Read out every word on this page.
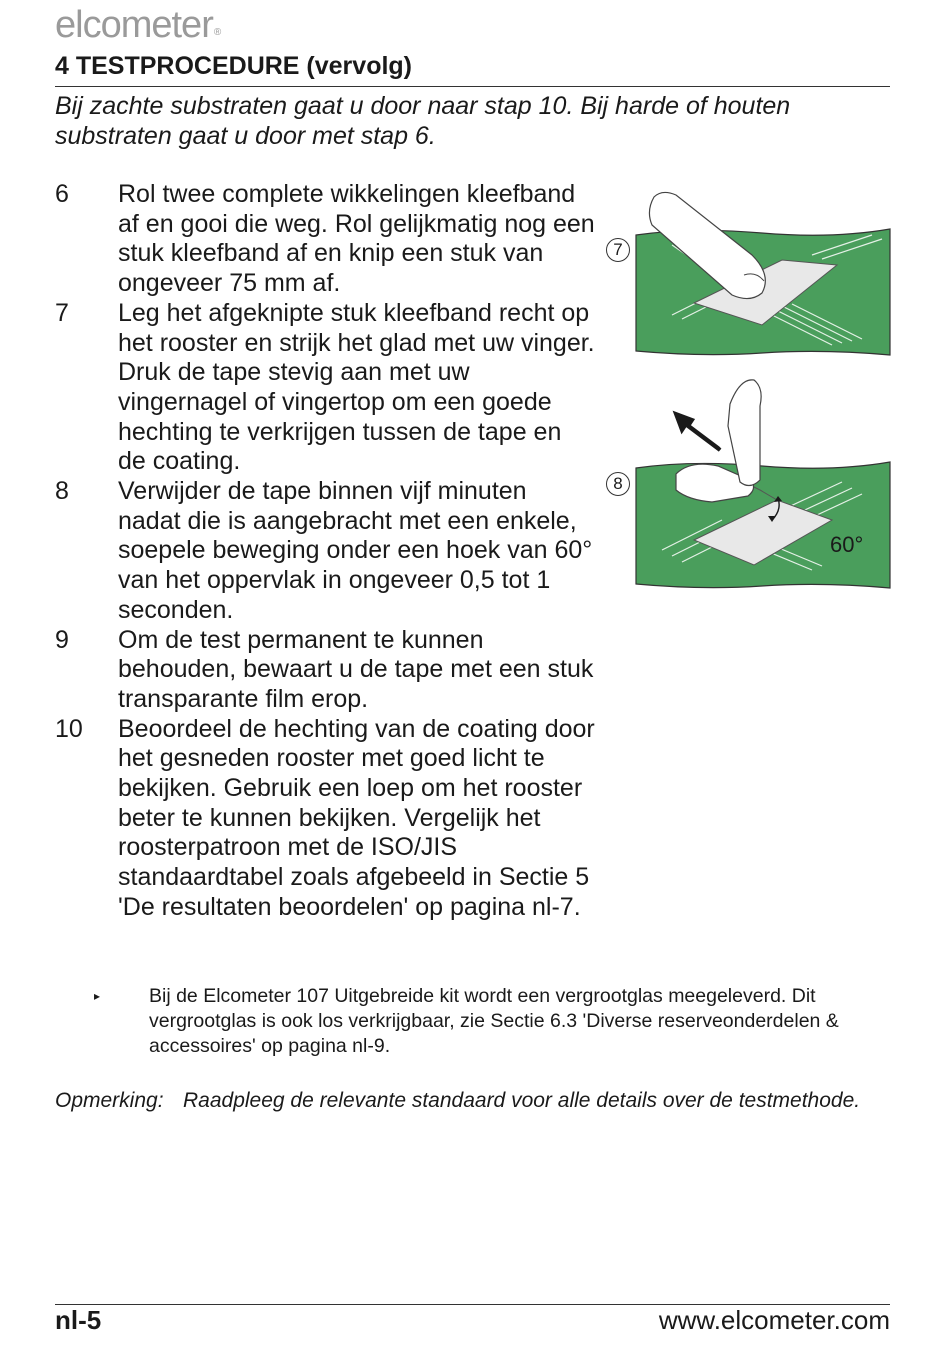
elcometer®
4 TESTPROCEDURE (vervolg)
Bij zachte substraten gaat u door naar stap 10. Bij harde of houten substraten gaat u door met stap 6.
6	Rol twee complete wikkelingen kleefband af en gooi die weg. Rol gelijkmatig nog een stuk kleefband af en knip een stuk van ongeveer 75 mm af.
7	Leg het afgeknipte stuk kleefband recht op het rooster en strijk het glad met uw vinger. Druk de tape stevig aan met uw vingernagel of vingertop om een goede hechting te verkrijgen tussen de tape en de coating.
8	Verwijder de tape binnen vijf minuten nadat die is aangebracht met een enkele, soepele beweging onder een hoek van 60° van het oppervlak in ongeveer 0,5 tot 1 seconden.
9	Om de test permanent te kunnen behouden, bewaart u de tape met een stuk transparante film erop.
10	Beoordeel de hechting van de coating door het gesneden rooster met goed licht te bekijken. Gebruik een loep om het rooster beter te kunnen bekijken. Vergelijk het roosterpatroon met de ISO/JIS standaardtabel zoals afgebeeld in Sectie 5 'De resultaten beoordelen' op pagina nl-7.
▸	Bij de Elcometer 107 Uitgebreide kit wordt een vergrootglas meegeleverd. Dit vergrootglas is ook los verkrijgbaar, zie Sectie 6.3 'Diverse reserveonderdelen & accessoires' op pagina nl-9.
Opmerking: Raadpleeg de relevante standaard voor alle details over de testmethode.
7
8
60°
nl-5	www.elcometer.com
